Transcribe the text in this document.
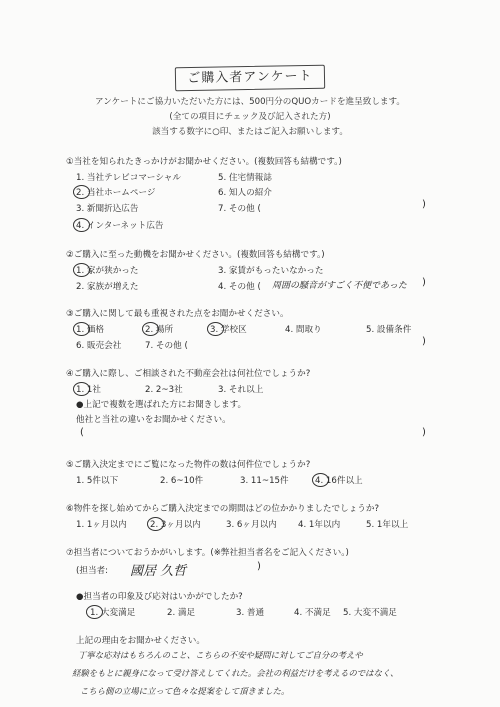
ご購入者アンケート
アンケートにご協力いただいた方には、500円分のQUOカードを進呈致します。
(全ての項目にチェック及び記入された方)
該当する数字に○印、またはご記入お願いします。
①当社を知られたきっかけがお聞かせください。(複数回答も結構です。)
1. 当社テレビコマーシャル	5. 住宅情報誌
2. 当社ホームページ	6. 知人の紹介
3. 新聞折込広告	7. その他 (	)
4. インターネット広告
②ご購入に至った動機をお聞かせください。(複数回答も結構です。)
1. 家が狭かった	3. 家賃がもったいなかった
2. 家族が増えた	4. その他 ( 周囲の騒音がすごく不便であった )
③ご購入に関して最も重視された点をお聞かせください。
1. 価格	2. 場所	3. 学校区	4. 間取り	5. 設備条件
6. 販売会社	7. その他 (	)
④ご購入に際し、ご相談された不動産会社は何社位でしょうか?
1. 1社	2. 2~3社	3. それ以上
●上記で複数を選ばれた方にお聞きします。
他社と当社の違いをお聞かせください。
(	)
⑤ご購入決定までにご覧になった物件の数は何件位でしょうか?
1. 5件以下	2. 6~10件	3. 11~15件	4. 16件以上
⑥物件を探し始めてからご購入決定までの期間はどの位かかりましたでしょうか?
1. 1ヶ月以内	2. 3ヶ月以内	3. 6ヶ月以内 4. 1年以内	5. 1年以上
⑦担当者についておうかがいします。(※弊社担当者名をご記入ください。)
(担当者: 國居 久哲	)
●担当者の印象及び応対はいかがでしたか?
1. 大変満足	2. 満足	3. 普通	4. 不満足 5. 大変不満足
上記の理由をお聞かせください。
丁寧な応対はもちろんのこと、こちらの不安や疑問に対してご自分の考えや
経験をもとに親身になって受け答えしてくれた。会社の利益だけを考えるのではなく、
こちら側の立場に立って色々な提案をして頂きました。
